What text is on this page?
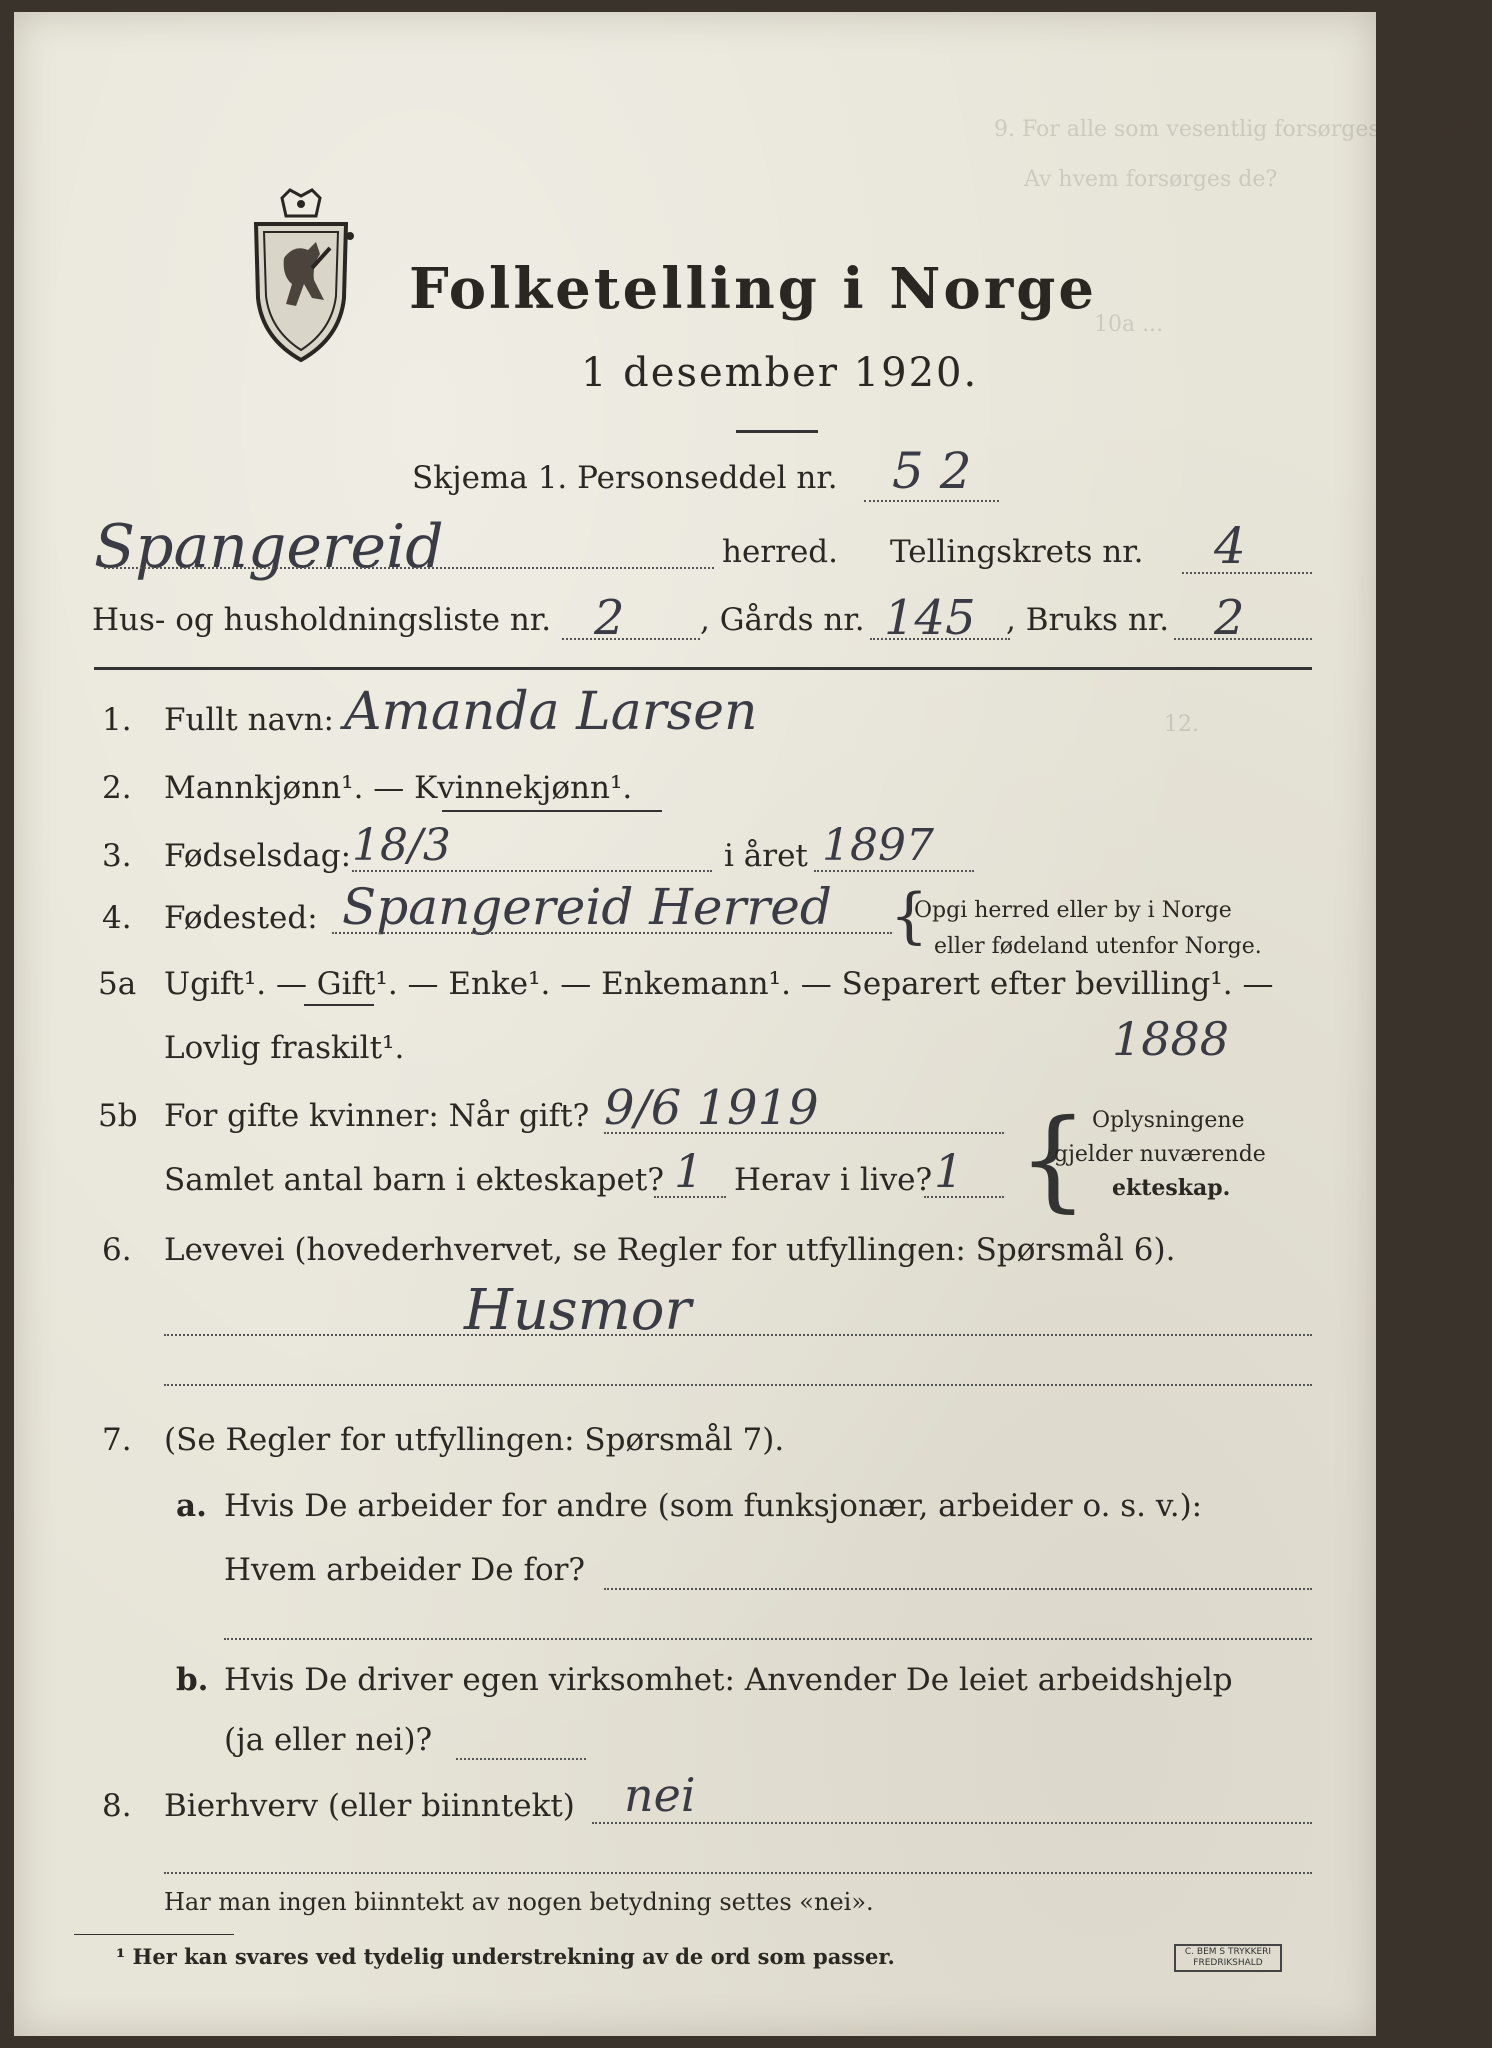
9. For alle som vesentlig forsørges av andre:
Av hvem forsørges de?
10a ...
12.
Folketelling i Norge
1 desember 1920.
Skjema 1. Personseddel nr. 5 2
Spangereid	herred. Tellingskrets nr. 4
Hus- og husholdningsliste nr. 2 , Gårds nr. 145 , Bruks nr. 2
1. Fullt navn: Amanda Larsen
2. Mannkjønn¹. — Kvinnekjønn¹.
3. Fødselsdag: 18/3	i året 1897
4. Fødested: Spangereid Herred {
Opgi herred eller by i Norge
eller fødeland utenfor Norge.
5a Ugift¹. — Gift¹. — Enke¹. — Enkemann¹. — Separert efter bevilling¹. —
Lovlig fraskilt¹.	1888
5b For gifte kvinner: Når gift? 9/6 1919
Samlet antal barn i ekteskapet? 1 Herav i live? 1 { Oplysningene
gjelder nuværende
ekteskap.
6. Levevei (hovederhvervet, se Regler for utfyllingen: Spørsmål 6).
Husmor
7. (Se Regler for utfyllingen: Spørsmål 7).
a. Hvis De arbeider for andre (som funksjonær, arbeider o. s. v.):
Hvem arbeider De for?
b. Hvis De driver egen virksomhet: Anvender De leiet arbeidshjelp
(ja eller nei)?
8. Bierhverv (eller biinntekt) nei
Har man ingen biinntekt av nogen betydning settes «nei».
¹ Her kan svares ved tydelig understrekning av de ord som passer.	C. BEM S TRYKKERI
FREDRIKSHALD
